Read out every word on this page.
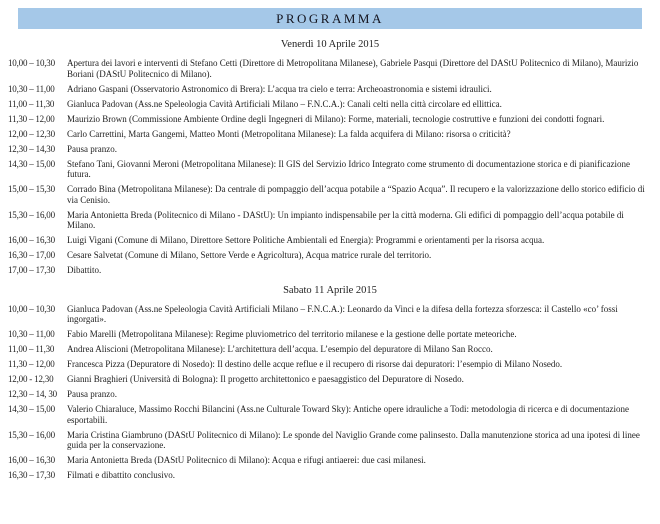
PROGRAMMA
Venerdì 10 Aprile 2015
10,00 – 10,30	Apertura dei lavori e interventi di Stefano Cetti (Direttore di Metropolitana Milanese), Gabriele Pasqui (Direttore del DAStU Politecnico di Milano), Maurizio Boriani (DAStU Politecnico di Milano).
10,30 – 11,00	Adriano Gaspani (Osservatorio Astronomico di Brera): L’acqua tra cielo e terra: Archeoastronomia e sistemi idraulici.
11,00 – 11,30	Gianluca Padovan (Ass.ne Speleologia Cavità Artificiali Milano – F.N.C.A.): Canali celti nella città circolare ed ellittica.
11,30 – 12,00	Maurizio Brown (Commissione Ambiente Ordine degli Ingegneri di Milano): Forme, materiali, tecnologie costruttive e funzioni dei condotti fognari.
12,00 – 12,30	Carlo Carrettini, Marta Gangemi, Matteo Monti (Metropolitana Milanese): La falda acquifera di Milano: risorsa o criticità?
12,30 – 14,30	Pausa pranzo.
14,30 – 15,00	Stefano Tani, Giovanni Meroni (Metropolitana Milanese): Il GIS del Servizio Idrico Integrato come strumento di documentazione storica e di pianificazione futura.
15,00 – 15,30	Corrado Bina (Metropolitana Milanese): Da centrale di pompaggio dell’acqua potabile a “Spazio Acqua”. Il recupero e la valorizzazione dello storico edificio di via Cenisio.
15,30 – 16,00	Maria Antonietta Breda (Politecnico di Milano - DAStU): Un impianto indispensabile per la città moderna. Gli edifici di pompaggio dell’acqua potabile di Milano.
16,00 – 16,30	Luigi Vigani (Comune di Milano, Direttore Settore Politiche Ambientali ed Energia): Programmi e orientamenti per la risorsa acqua.
16,30 – 17,00	Cesare Salvetat (Comune di Milano, Settore Verde e Agricoltura), Acqua matrice rurale del territorio.
17,00 – 17,30	Dibattito.
Sabato 11 Aprile 2015
10,00 – 10,30	Gianluca Padovan (Ass.ne Speleologia Cavità Artificiali Milano – F.N.C.A.): Leonardo da Vinci e la difesa della fortezza sforzesca: il Castello «co’ fossi ingorgati».
10,30 – 11,00	Fabio Marelli (Metropolitana Milanese): Regime pluviometrico del territorio milanese e la gestione delle portate meteoriche.
11,00 – 11,30	Andrea Aliscioni (Metropolitana Milanese): L’architettura dell’acqua. L’esempio del depuratore di Milano San Rocco.
11,30 – 12,00	Francesca Pizza (Depuratore di Nosedo): Il destino delle acque reflue e il recupero di risorse dai depuratori: l’esempio di Milano Nosedo.
12,00 - 12,30	Gianni Braghieri (Università di Bologna): Il progetto architettonico e paesaggistico del Depuratore di Nosedo.
12,30 – 14, 30	Pausa pranzo.
14,30 – 15,00	Valerio Chiaraluce, Massimo Rocchi Bilancini (Ass.ne Culturale Toward Sky): Antiche opere idrauliche a Todi: metodologia di ricerca e di documentazione esportabili.
15,30 – 16,00	Maria Cristina Giambruno (DAStU Politecnico di Milano): Le sponde del Naviglio Grande come palinsesto. Dalla manutenzione storica ad una ipotesi di linee guida per la conservazione.
16,00 – 16,30	Maria Antonietta Breda (DAStU Politecnico di Milano): Acqua e rifugi antiaerei: due casi milanesi.
16,30 – 17,30	Filmati e dibattito conclusivo.
